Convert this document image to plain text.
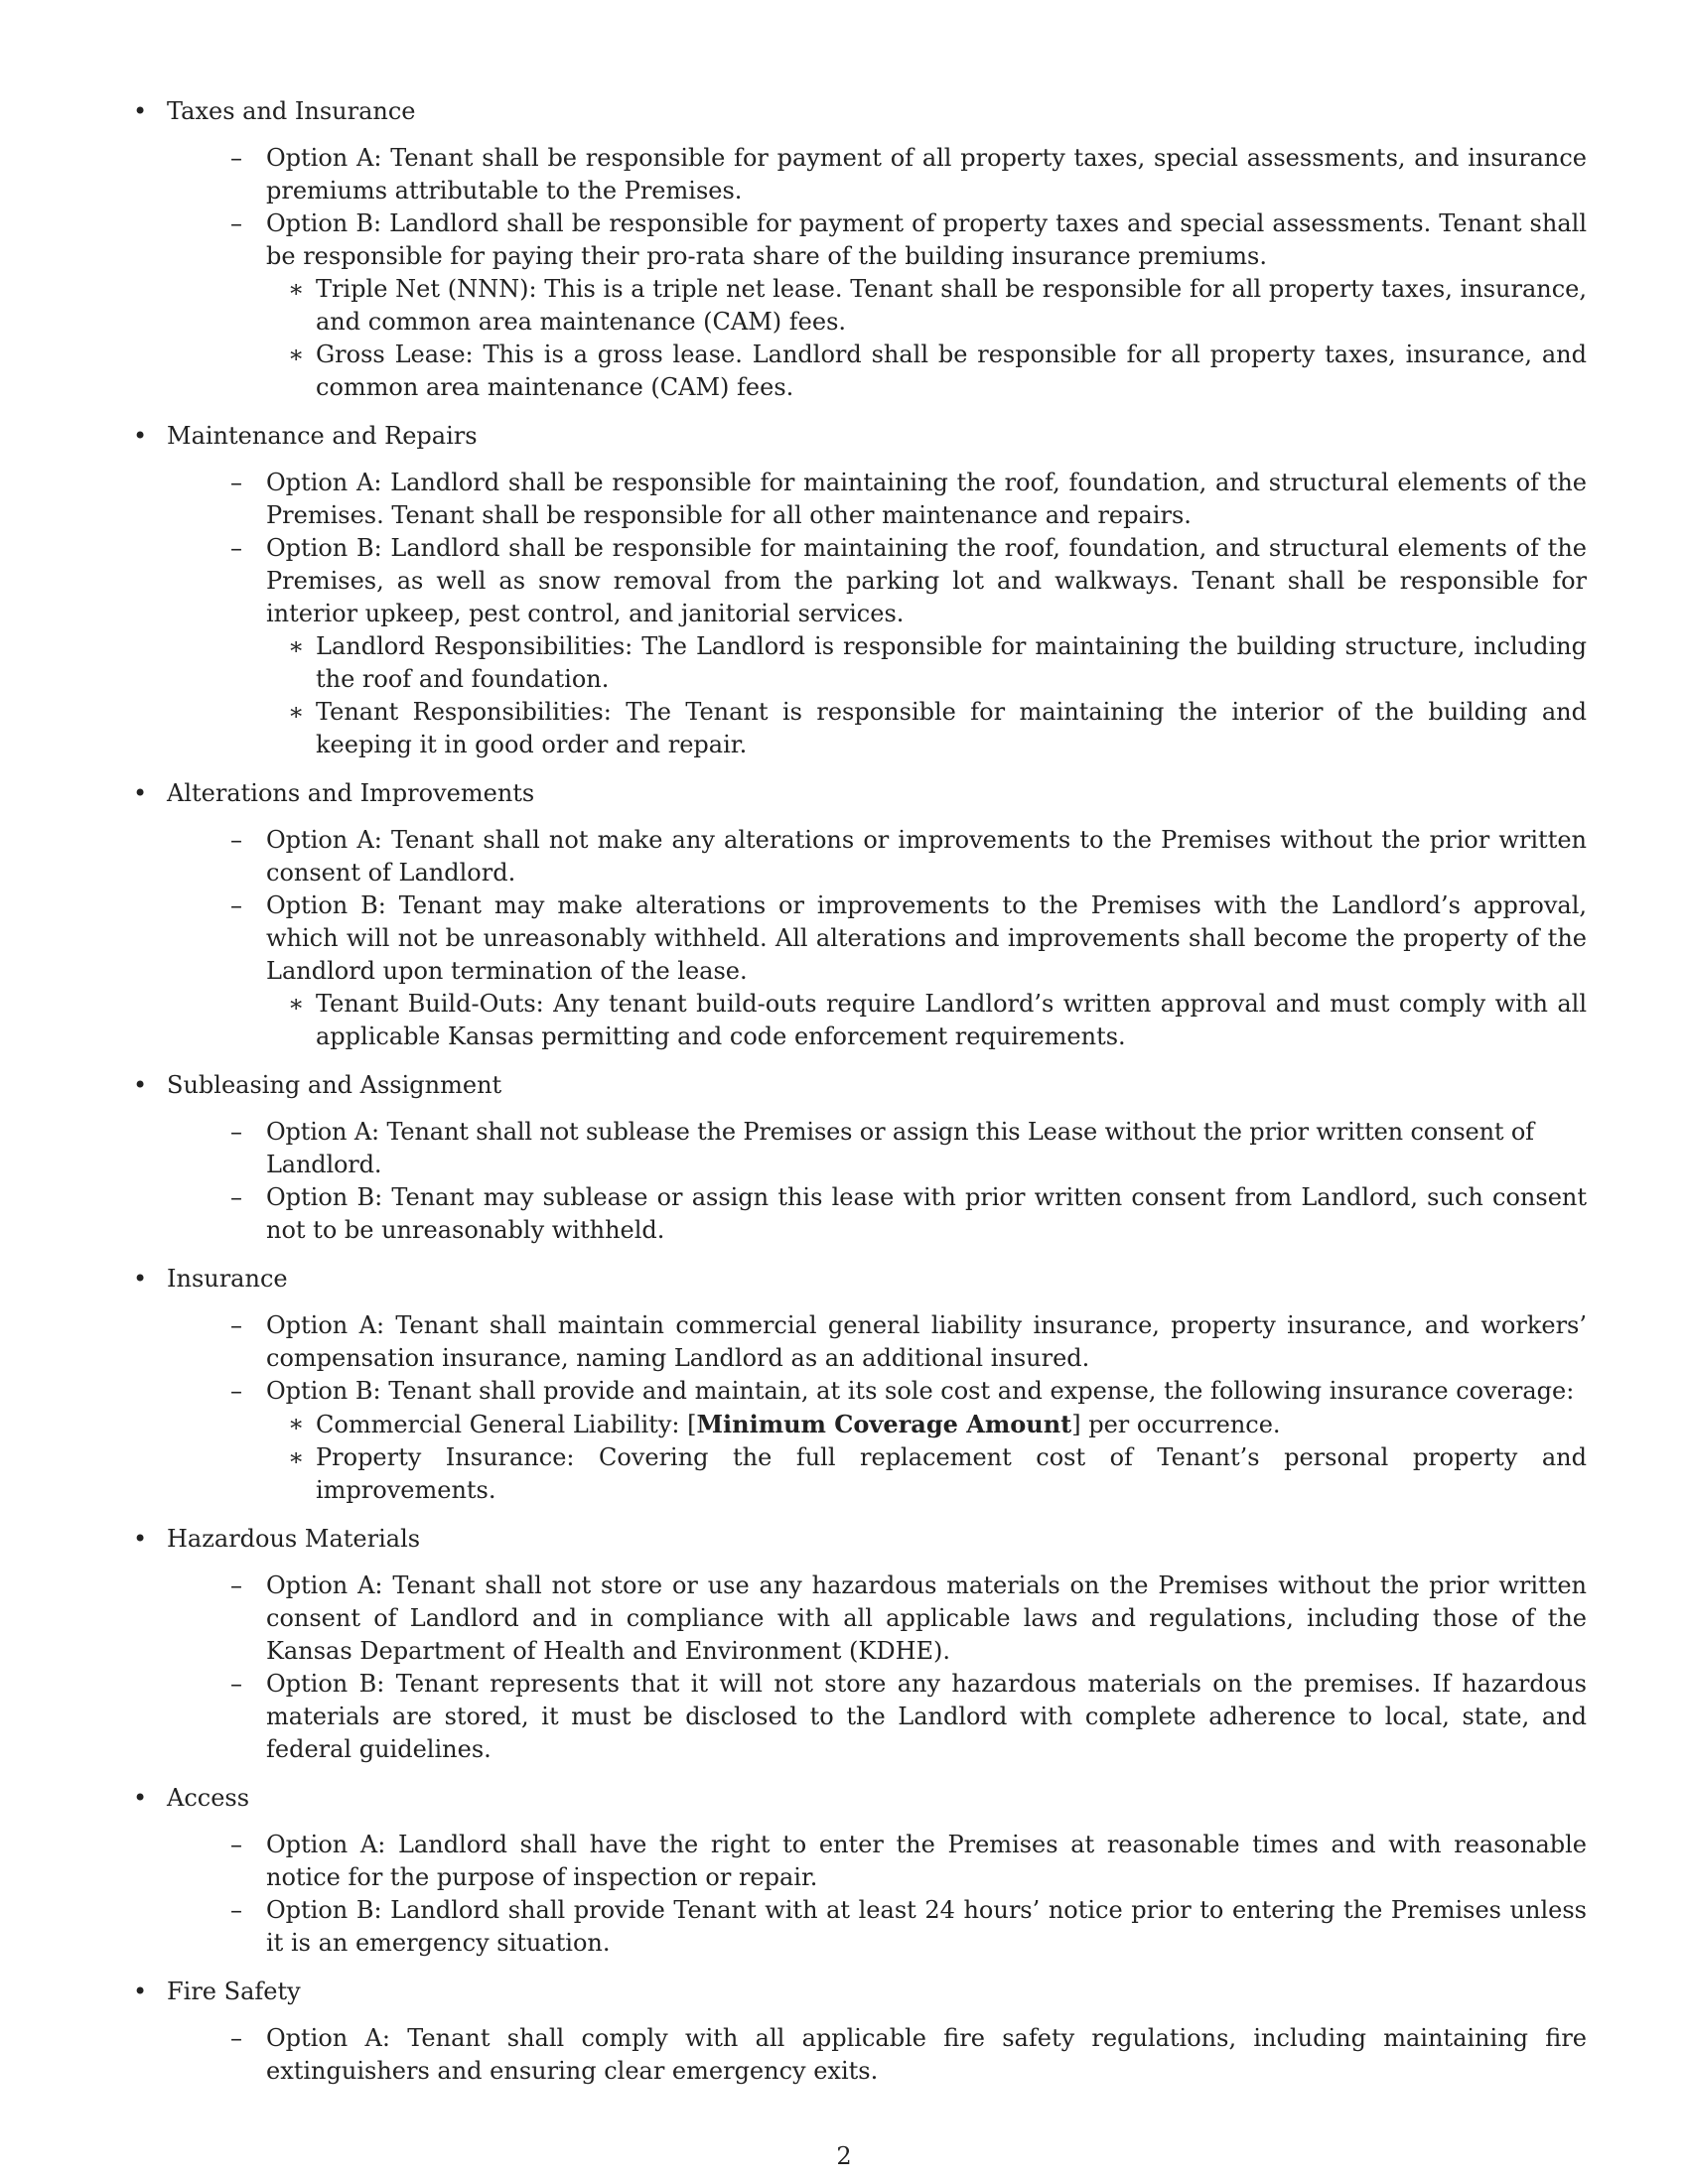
• Taxes and Insurance
– Option A: Tenant shall be responsible for payment of all property taxes, special assessments, and insurance premiums attributable to the Premises.
– Option B: Landlord shall be responsible for payment of property taxes and special assessments. Tenant shall be responsible for paying their pro-rata share of the building insurance premiums.
∗ Triple Net (NNN): This is a triple net lease. Tenant shall be responsible for all property taxes, insurance, and common area maintenance (CAM) fees.
∗ Gross Lease: This is a gross lease. Landlord shall be responsible for all property taxes, insurance, and common area maintenance (CAM) fees.
• Maintenance and Repairs
– Option A: Landlord shall be responsible for maintaining the roof, foundation, and structural elements of the Premises. Tenant shall be responsible for all other maintenance and repairs.
– Option B: Landlord shall be responsible for maintaining the roof, foundation, and structural elements of the Premises, as well as snow removal from the parking lot and walkways. Tenant shall be responsible for interior upkeep, pest control, and janitorial services.
∗ Landlord Responsibilities: The Landlord is responsible for maintaining the building structure, including the roof and foundation.
∗ Tenant Responsibilities: The Tenant is responsible for maintaining the interior of the building and keeping it in good order and repair.
• Alterations and Improvements
– Option A: Tenant shall not make any alterations or improvements to the Premises without the prior written consent of Landlord.
– Option B: Tenant may make alterations or improvements to the Premises with the Landlord’s approval, which will not be unreasonably withheld. All alterations and improvements shall become the property of the Landlord upon termination of the lease.
∗ Tenant Build-Outs: Any tenant build-outs require Landlord’s written approval and must comply with all applicable Kansas permitting and code enforcement requirements.
• Subleasing and Assignment
– Option A: Tenant shall not sublease the Premises or assign this Lease without the prior written consent of Landlord.
– Option B: Tenant may sublease or assign this lease with prior written consent from Landlord, such consent not to be unreasonably withheld.
• Insurance
– Option A: Tenant shall maintain commercial general liability insurance, property insurance, and workers’ compensation insurance, naming Landlord as an additional insured.
– Option B: Tenant shall provide and maintain, at its sole cost and expense, the following insurance coverage:
∗ Commercial General Liability: [Minimum Coverage Amount] per occurrence.
∗ Property Insurance: Covering the full replacement cost of Tenant’s personal property and improvements.
• Hazardous Materials
– Option A: Tenant shall not store or use any hazardous materials on the Premises without the prior written consent of Landlord and in compliance with all applicable laws and regulations, including those of the Kansas Department of Health and Environment (KDHE).
– Option B: Tenant represents that it will not store any hazardous materials on the premises. If hazardous materials are stored, it must be disclosed to the Landlord with complete adherence to local, state, and federal guidelines.
• Access
– Option A: Landlord shall have the right to enter the Premises at reasonable times and with reasonable notice for the purpose of inspection or repair.
– Option B: Landlord shall provide Tenant with at least 24 hours’ notice prior to entering the Premises unless it is an emergency situation.
• Fire Safety
– Option A: Tenant shall comply with all applicable fire safety regulations, including maintaining fire extinguishers and ensuring clear emergency exits.
2
